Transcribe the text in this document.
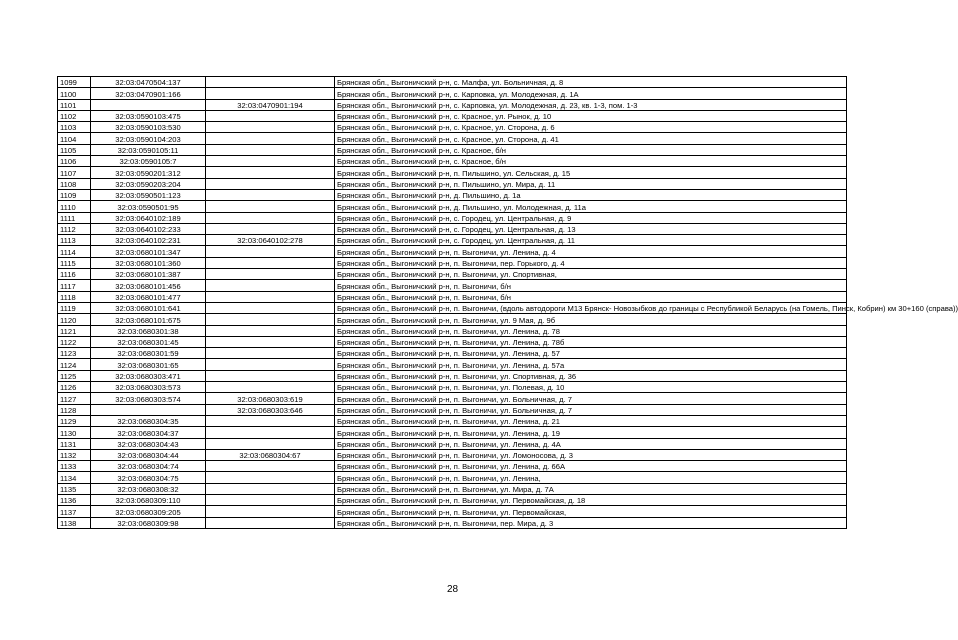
1099	32:03:0470504:137		Брянская обл., Выгоничский р-н, с. Малфа, ул. Больничная, д. 8
1100	32:03:0470901:166		Брянская обл., Выгоничский р-н, с. Карповка, ул. Молодежная, д. 1А
1101		32:03:0470901:194	Брянская обл., Выгоничский р-н, с. Карповка, ул. Молодежная, д. 23, кв. 1-3, пом. 1-3
1102	32:03:0590103:475		Брянская обл., Выгоничский р-н, с. Красное, ул. Рынок, д. 10
1103	32:03:0590103:530		Брянская обл., Выгоничский р-н, с. Красное, ул. Сторона, д. 6
1104	32:03:0590104:203		Брянская обл., Выгоничский р-н, с. Красное, ул. Сторона, д. 41
1105	32:03:0590105:11		Брянская обл., Выгоничский р-н, с. Красное, б/н
1106	32:03:0590105:7		Брянская обл., Выгоничский р-н, с. Красное, б/н
1107	32:03:0590201:312		Брянская обл., Выгоничский р-н, п. Пильшино, ул. Сельская, д. 15
1108	32:03:0590203:204		Брянская обл., Выгоничский р-н, п. Пильшино, ул. Мира, д. 11
1109	32:03:0590501:123		Брянская обл., Выгоничский р-н, д. Пильшино, д. 1а
1110	32:03:0590501:95		Брянская обл., Выгоничский р-н, д. Пильшино, ул. Молодежная, д. 11а
1111	32:03:0640102:189		Брянская обл., Выгоничский р-н, с. Городец, ул. Центральная, д. 9
1112	32:03:0640102:233		Брянская обл., Выгоничский р-н, с. Городец, ул. Центральная, д. 13
1113	32:03:0640102:231	32:03:0640102:278	Брянская обл., Выгоничский р-н, с. Городец, ул. Центральная, д. 11
1114	32:03:0680101:347		Брянская обл., Выгоничский р-н, п. Выгоничи, ул. Ленина, д. 4
1115	32:03:0680101:360		Брянская обл., Выгоничский р-н, п. Выгоничи, пер. Горького, д. 4
1116	32:03:0680101:387		Брянская обл., Выгоничский р-н, п. Выгоничи, ул. Спортивная,
1117	32:03:0680101:456		Брянская обл., Выгоничский р-н, п. Выгоничи, б/н
1118	32:03:0680101:477		Брянская обл., Выгоничский р-н, п. Выгоничи, б/н
1119	32:03:0680101:641		Брянская обл., Выгоничский р-н, п. Выгоничи, (вдоль автодороги М13 Брянск- Новозыбков до границы с Республикой Беларусь (на Гомель, Пинск, Кобрин) км 30+160 (справа))
1120	32:03:0680101:675		Брянская обл., Выгоничский р-н, п. Выгоничи, ул. 9 Мая, д. 9б
1121	32:03:0680301:38		Брянская обл., Выгоничский р-н, п. Выгоничи, ул. Ленина, д. 78
1122	32:03:0680301:45		Брянская обл., Выгоничский р-н, п. Выгоничи, ул. Ленина, д. 78б
1123	32:03:0680301:59		Брянская обл., Выгоничский р-н, п. Выгоничи, ул. Ленина, д. 57
1124	32:03:0680301:65		Брянская обл., Выгоничский р-н, п. Выгоничи, ул. Ленина, д. 57а
1125	32:03:0680303:471		Брянская обл., Выгоничский р-н, п. Выгоничи, ул. Спортивная, д. 36
1126	32:03:0680303:573		Брянская обл., Выгоничский р-н, п. Выгоничи, ул. Полевая, д. 10
1127	32:03:0680303:574	32:03:0680303:619	Брянская обл., Выгоничский р-н, п. Выгоничи, ул. Больничная, д. 7
1128		32:03:0680303:646	Брянская обл., Выгоничский р-н, п. Выгоничи, ул. Больничная, д. 7
1129	32:03:0680304:35		Брянская обл., Выгоничский р-н, п. Выгоничи, ул. Ленина, д. 21
1130	32:03:0680304:37		Брянская обл., Выгоничский р-н, п. Выгоничи, ул. Ленина, д. 19
1131	32:03:0680304:43		Брянская обл., Выгоничский р-н, п. Выгоничи, ул. Ленина, д. 4А
1132	32:03:0680304:44	32:03:0680304:67	Брянская обл., Выгоничский р-н, п. Выгоничи, ул. Ломоносова, д. 3
1133	32:03:0680304:74		Брянская обл., Выгоничский р-н, п. Выгоничи, ул. Ленина, д. 66А
1134	32:03:0680304:75		Брянская обл., Выгоничский р-н, п. Выгоничи, ул. Ленина,
1135	32:03:0680308:32		Брянская обл., Выгоничский р-н, п. Выгоничи, ул. Мира, д. 7А
1136	32:03:0680309:110		Брянская обл., Выгоничский р-н, п. Выгоничи, ул. Первомайская, д. 18
1137	32:03:0680309:205		Брянская обл., Выгоничский р-н, п. Выгоничи, ул. Первомайская,
1138	32:03:0680309:98		Брянская обл., Выгоничский р-н, п. Выгоничи, пер. Мира, д. 3
28
